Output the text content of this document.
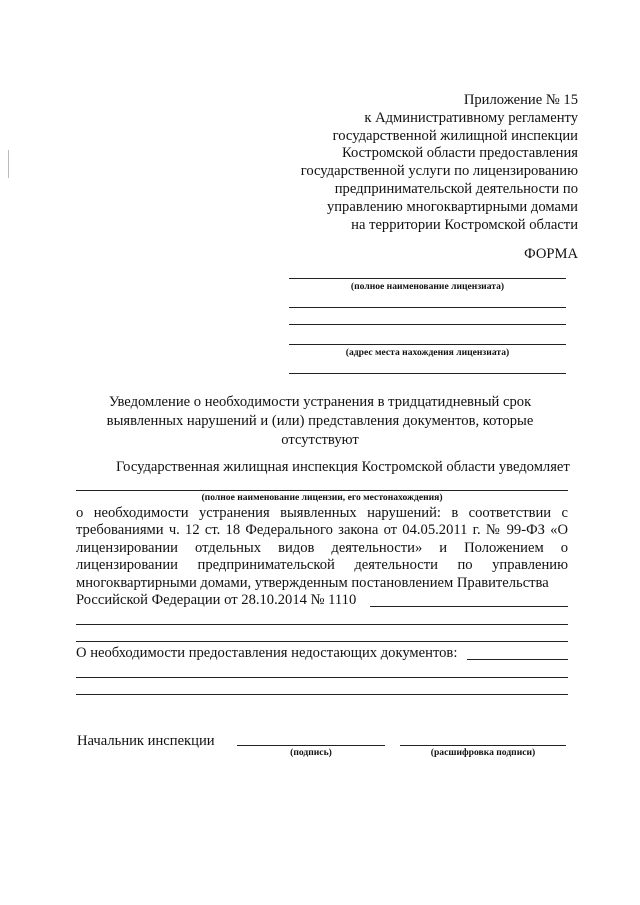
Приложение № 15
к Административному регламенту
государственной жилищной инспекции
Костромской области предоставления
государственной услуги по лицензированию
предпринимательской деятельности по
управлению многоквартирными домами
на территории Костромской области
ФОРМА
(полное наименование лицензиата)
(адрес места нахождения лицензиата)
Уведомление о необходимости устранения в тридцатидневный срок выявленных нарушений и (или) представления документов, которые отсутствуют
Государственная жилищная инспекция Костромской области уведомляет
(полное наименование лицензии, его местонахождения)
о необходимости устранения выявленных нарушений: в соответствии с требованиями ч. 12 ст. 18 Федерального закона от 04.05.2011 г. № 99-ФЗ «О лицензировании отдельных видов деятельности» и Положением о лицензировании предпринимательской деятельности по управлению многоквартирными домами, утвержденным постановлением Правительства
Российской Федерации от 28.10.2014 № 1110
О необходимости предоставления недостающих документов:
Начальник инспекции
(подпись)	(расшифровка подписи)
